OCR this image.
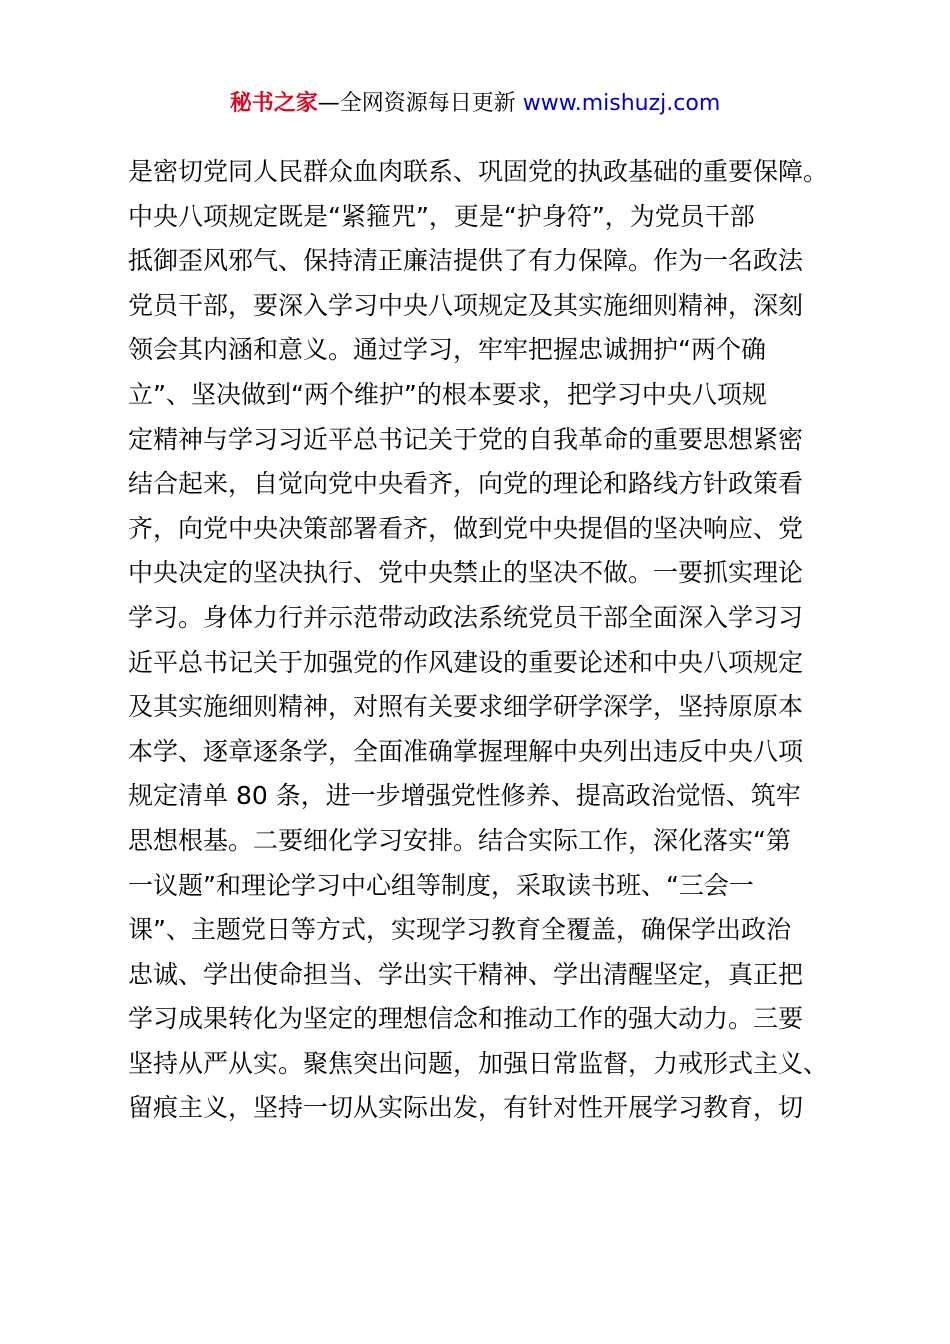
秘书之家—全网资源每日更新 www.mishuzj.com
是密切党同人民群众血肉联系、巩固党的执政基础的重要保障。
中央八项规定既是“紧箍咒”，更是“护身符”，为党员干部
抵御歪风邪气、保持清正廉洁提供了有力保障。作为一名政法
党员干部，要深入学习中央八项规定及其实施细则精神，深刻
领会其内涵和意义。通过学习，牢牢把握忠诚拥护“两个确
立”、坚决做到“两个维护”的根本要求，把学习中央八项规
定精神与学习习近平总书记关于党的自我革命的重要思想紧密
结合起来，自觉向党中央看齐，向党的理论和路线方针政策看
齐，向党中央决策部署看齐，做到党中央提倡的坚决响应、党
中央决定的坚决执行、党中央禁止的坚决不做。一要抓实理论
学习。身体力行并示范带动政法系统党员干部全面深入学习习
近平总书记关于加强党的作风建设的重要论述和中央八项规定
及其实施细则精神，对照有关要求细学研学深学，坚持原原本
本学、逐章逐条学，全面准确掌握理解中央列出违反中央八项
规定清单 80 条，进一步增强党性修养、提高政治觉悟、筑牢
思想根基。二要细化学习安排。结合实际工作，深化落实“第
一议题”和理论学习中心组等制度，采取读书班、“三会一
课”、主题党日等方式，实现学习教育全覆盖，确保学出政治
忠诚、学出使命担当、学出实干精神、学出清醒坚定，真正把
学习成果转化为坚定的理想信念和推动工作的强大动力。三要
坚持从严从实。聚焦突出问题，加强日常监督，力戒形式主义、
留痕主义，坚持一切从实际出发，有针对性开展学习教育，切
